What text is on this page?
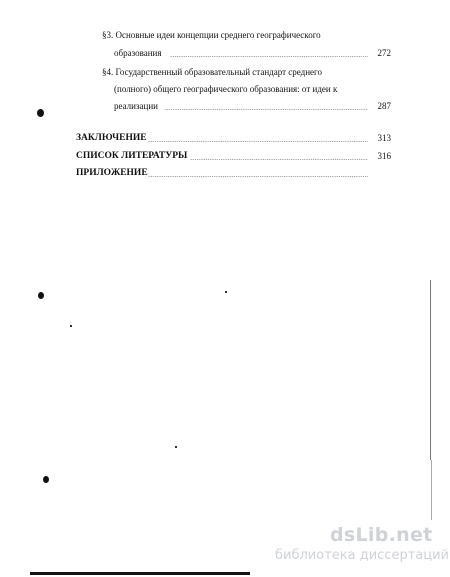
§3. Основные идеи концепции среднего географического
образования	272
§4. Государственный образовательный стандарт среднего
(полного) общего географического образования: от идеи к
реализации	287
ЗАКЛЮЧЕНИЕ	313
СПИСОК ЛИТЕРАТУРЫ	316
ПРИЛОЖЕНИЕ
dsLib.net
библиотека диссертаций
